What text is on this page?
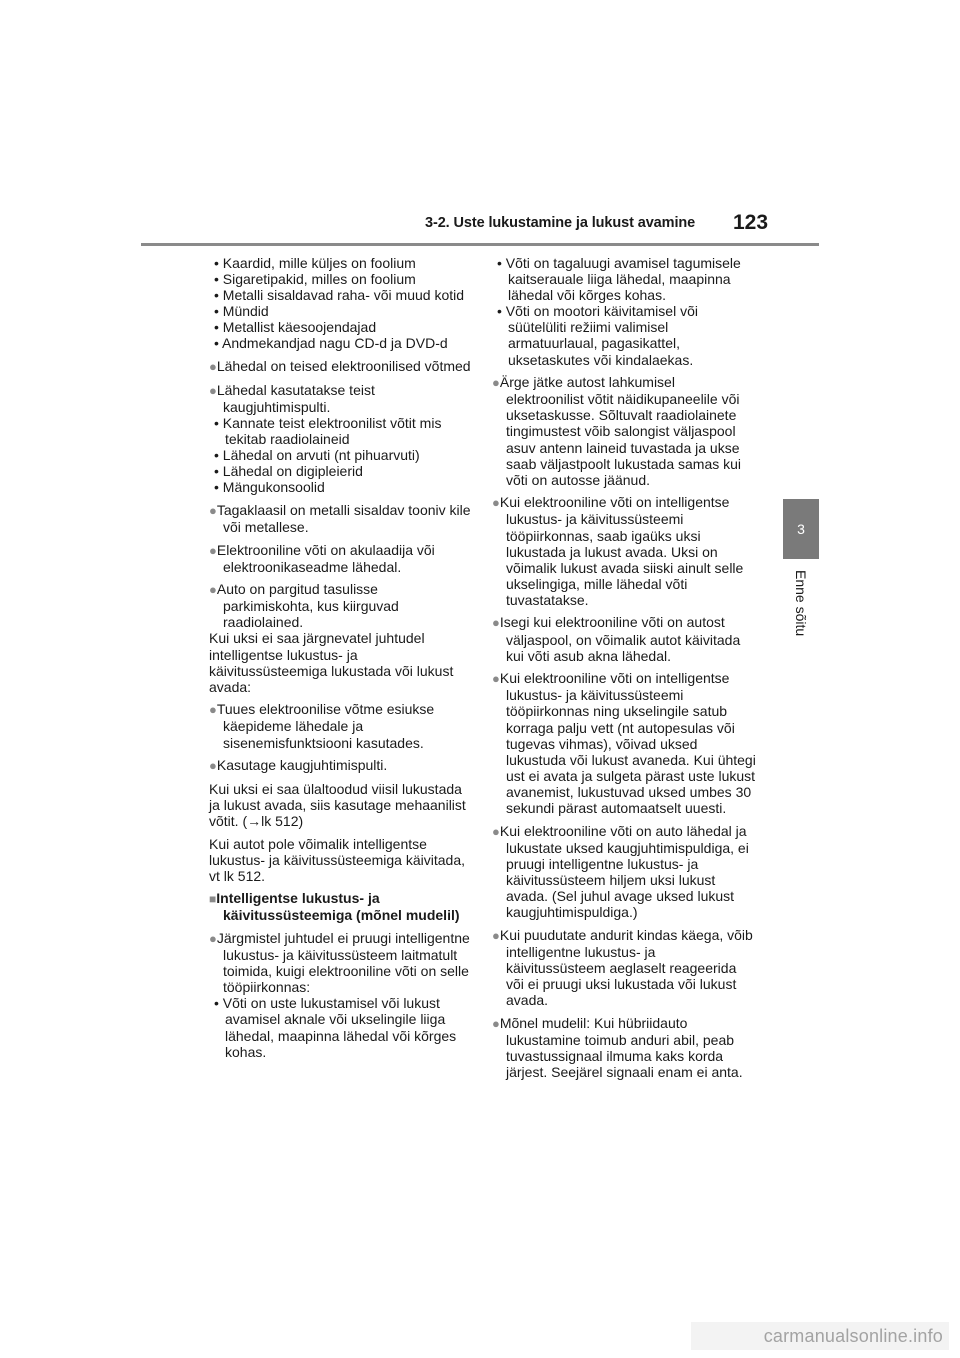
3-2. Uste lukustamine ja lukust avamine 123
3
Enne sõitu

• Kaardid, mille küljes on foolium

• Sigaretipakid, milles on foolium

• Metalli sisaldavad raha- või muud kotid

• Mündid

• Metallist käesoojendajad

• Andmekandjad nagu CD-d ja DVD-d

●Lähedal on teised elektroonilised võtmed

●Lähedal kasutatakse teist kaugjuhtimispulti.

• Kannate teist elektroonilist võtit mis tekitab raadiolaineid

• Lähedal on arvuti (nt pihuarvuti)

• Lähedal on digipleierid

• Mängukonsoolid

●Tagaklaasil on metalli sisaldav tooniv kile või metallese.

●Elektrooniline võti on akulaadija või elektroonikaseadme lähedal.

●Auto on pargitud tasulisse parkimiskohta, kus kiirguvad raadiolained.

Kui uksi ei saa järgnevatel juhtudel intelligentse lukustus- ja käivitussüsteemiga lukustada või lukust avada:

●Tuues elektroonilise võtme esiukse käepideme lähedale ja sisenemisfunktsiooni kasutades.

●Kasutage kaugjuhtimispulti.

Kui uksi ei saa ülaltoodud viisil lukustada ja lukust avada, siis kasutage mehaanilist võtit. (→lk 512)

Kui autot pole võimalik intelligentse lukustus- ja käivitussüsteemiga käivitada, vt lk 512.

■Intelligentse lukustus- ja käivitussüsteemiga (mõnel mudelil)

●Järgmistel juhtudel ei pruugi intelligentne lukustus- ja käivitussüsteem laitmatult toimida, kuigi elektrooniline võti on selle tööpiirkonnas:

• Võti on uste lukustamisel või lukust avamisel aknale või ukselingile liiga lähedal, maapinna lähedal või kõrges kohas.

• Võti on tagaluugi avamisel tagumisele kaitserauale liiga lähedal, maapinna lähedal või kõrges kohas.

• Võti on mootori käivitamisel või süütelüliti režiimi valimisel armatuurlaual, pagasikattel, uksetaskutes või kindalaekas.

●Ärge jätke autost lahkumisel elektroonilist võtit näidikupaneelile või uksetaskusse. Sõltuvalt raadiolainete tingimustest võib salongist väljaspool asuv antenn laineid tuvastada ja ukse saab väljastpoolt lukustada samas kui võti on autosse jäänud.

●Kui elektrooniline võti on intelligentse lukustus- ja käivitussüsteemi tööpiirkonnas, saab igaüks uksi lukustada ja lukust avada. Uksi on võimalik lukust avada siiski ainult selle ukselingiga, mille lähedal võti tuvastatakse.

●Isegi kui elektrooniline võti on autost väljaspool, on võimalik autot käivitada kui võti asub akna lähedal.

●Kui elektrooniline võti on intelligentse lukustus- ja käivitussüsteemi tööpiirkonnas ning ukselingile satub korraga palju vett (nt autopesulas või tugevas vihmas), võivad uksed lukustuda või lukust avaneda. Kui ühtegi ust ei avata ja sulgeta pärast uste lukust avanemist, lukustuvad uksed umbes 30 sekundi pärast automaatselt uuesti.

●Kui elektrooniline võti on auto lähedal ja lukustate uksed kaugjuhtimispuldiga, ei pruugi intelligentne lukustus- ja käivitussüsteem hiljem uksi lukust avada. (Sel juhul avage uksed lukust kaugjuhtimispuldiga.)

●Kui puudutate andurit kindas käega, võib intelligentne lukustus- ja käivitussüsteem aeglaselt reageerida või ei pruugi uksi lukustada või lukust avada.

●Mõnel mudelil: Kui hübriidauto lukustamine toimub anduri abil, peab tuvastussignaal ilmuma kaks korda järjest. Seejärel signaali enam ei anta.

carmanualsonline.info
